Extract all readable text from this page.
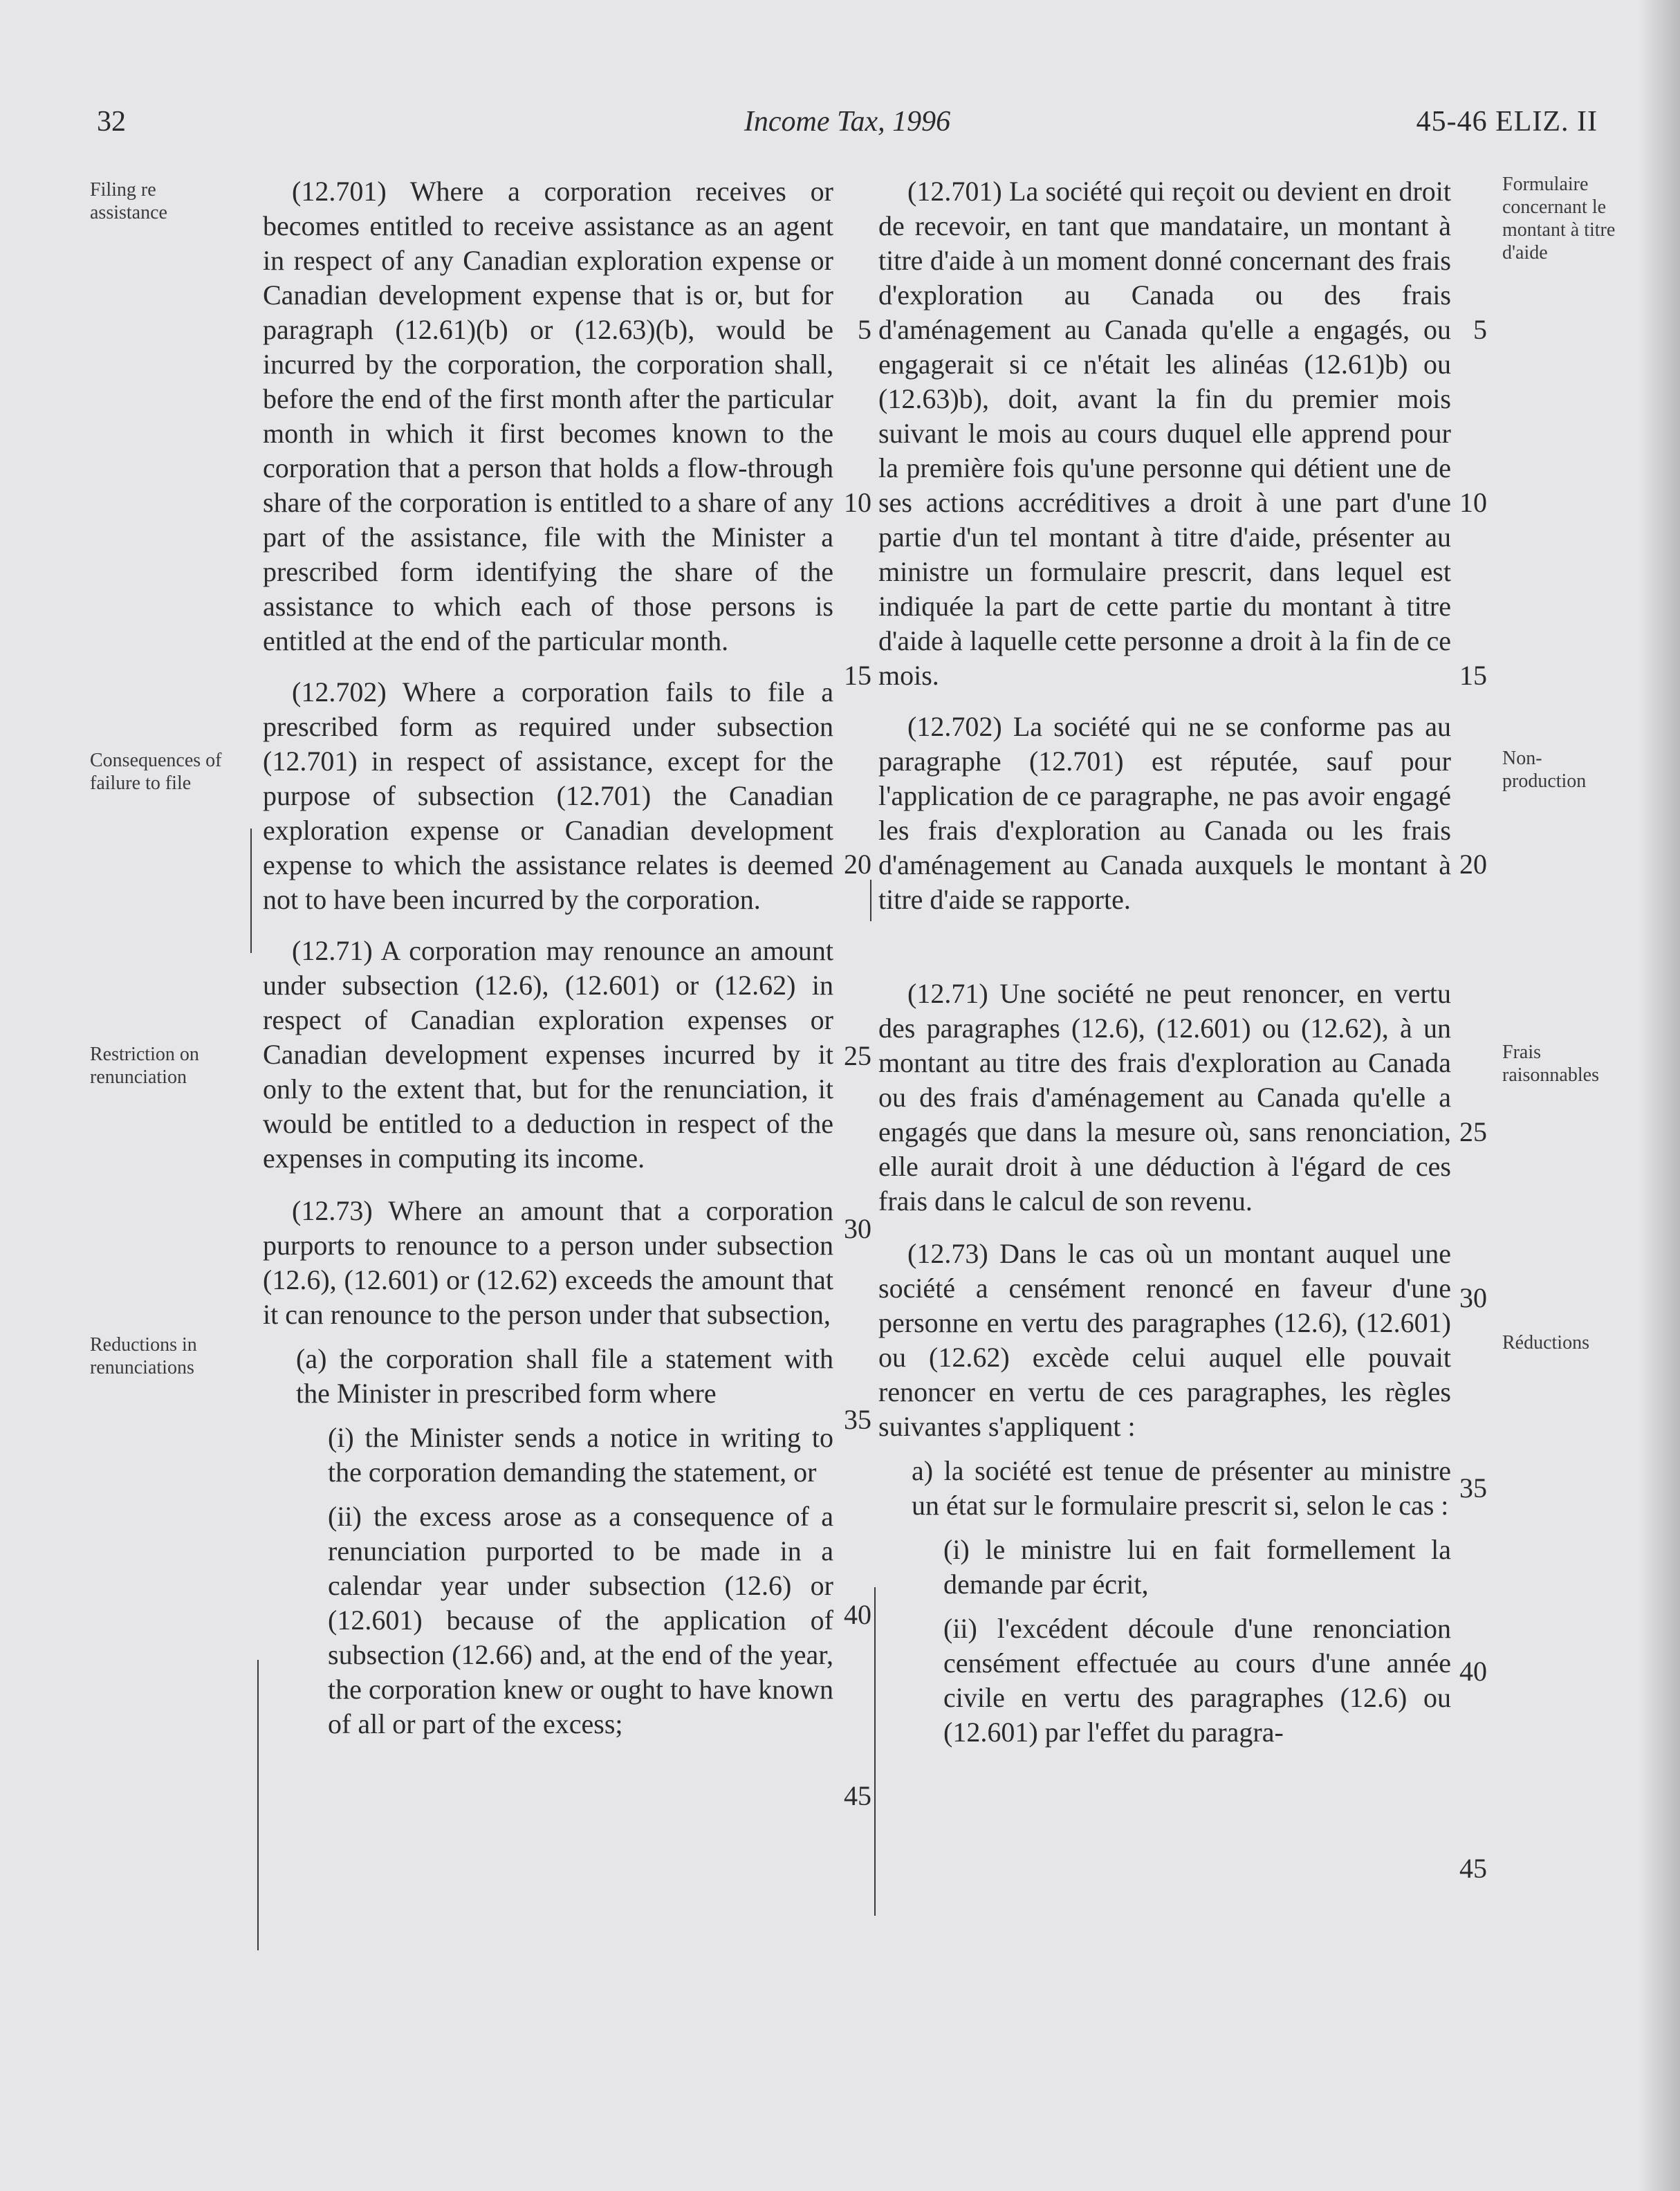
32	Income Tax, 1996	45-46 ELIZ. II
Filing re assistance
Consequences of failure to file
Restriction on renunciation
Reductions in renunciations
Formulaire concernant le montant à titre d'aide
Non-production
Frais raisonnables
Réductions

(12.701) Where a corporation receives or becomes entitled to receive assistance as an agent in respect of any Canadian exploration expense or Canadian development expense that is or, but for paragraph (12.61)(b) or (12.63)(b), would be incurred by the corporation, the corporation shall, before the end of the first month after the particular month in which it first becomes known to the corporation that a person that holds a flow-through share of the corporation is entitled to a share of any part of the assistance, file with the Minister a prescribed form identifying the share of the assistance to which each of those persons is entitled at the end of the particular month.

(12.702) Where a corporation fails to file a prescribed form as required under subsection (12.701) in respect of assistance, except for the purpose of subsection (12.701) the Canadian exploration expense or Canadian development expense to which the assistance relates is deemed not to have been incurred by the corporation.

(12.71) A corporation may renounce an amount under subsection (12.6), (12.601) or (12.62) in respect of Canadian exploration expenses or Canadian development expenses incurred by it only to the extent that, but for the renunciation, it would be entitled to a deduction in respect of the expenses in computing its income.

(12.73) Where an amount that a corporation purports to renounce to a person under subsection (12.6), (12.601) or (12.62) exceeds the amount that it can renounce to the person under that subsection,

(a) the corporation shall file a statement with the Minister in prescribed form where

(i) the Minister sends a notice in writing to the corporation demanding the statement, or

(ii) the excess arose as a consequence of a renunciation purported to be made in a calendar year under subsection (12.6) or (12.601) because of the application of subsection (12.66) and, at the end of the year, the corporation knew or ought to have known of all or part of the excess;

(12.701) La société qui reçoit ou devient en droit de recevoir, en tant que mandataire, un montant à titre d'aide à un moment donné concernant des frais d'exploration au Canada ou des frais d'aménagement au Canada qu'elle a engagés, ou engagerait si ce n'était les alinéas (12.61)b) ou (12.63)b), doit, avant la fin du premier mois suivant le mois au cours duquel elle apprend pour la première fois qu'une personne qui détient une de ses actions accréditives a droit à une part d'une partie d'un tel montant à titre d'aide, présenter au ministre un formulaire prescrit, dans lequel est indiquée la part de cette partie du montant à titre d'aide à laquelle cette personne a droit à la fin de ce mois.

(12.702) La société qui ne se conforme pas au paragraphe (12.701) est réputée, sauf pour l'application de ce paragraphe, ne pas avoir engagé les frais d'exploration au Canada ou les frais d'aménagement au Canada auxquels le montant à titre d'aide se rapporte.

(12.71) Une société ne peut renoncer, en vertu des paragraphes (12.6), (12.601) ou (12.62), à un montant au titre des frais d'exploration au Canada ou des frais d'aménagement au Canada qu'elle a engagés que dans la mesure où, sans renonciation, elle aurait droit à une déduction à l'égard de ces frais dans le calcul de son revenu.

(12.73) Dans le cas où un montant auquel une société a censément renoncé en faveur d'une personne en vertu des paragraphes (12.6), (12.601) ou (12.62) excède celui auquel elle pouvait renoncer en vertu de ces paragraphes, les règles suivantes s'appliquent :

a) la société est tenue de présenter au ministre un état sur le formulaire prescrit si, selon le cas :

(i) le ministre lui en fait formellement la demande par écrit,

(ii) l'excédent découle d'une renonciation censément effectuée au cours d'une année civile en vertu des paragraphes (12.6) ou (12.601) par l'effet du paragra-

5
10
15
20
25
30
35
40
45
5
10
15
20
25
30
35
40
45
